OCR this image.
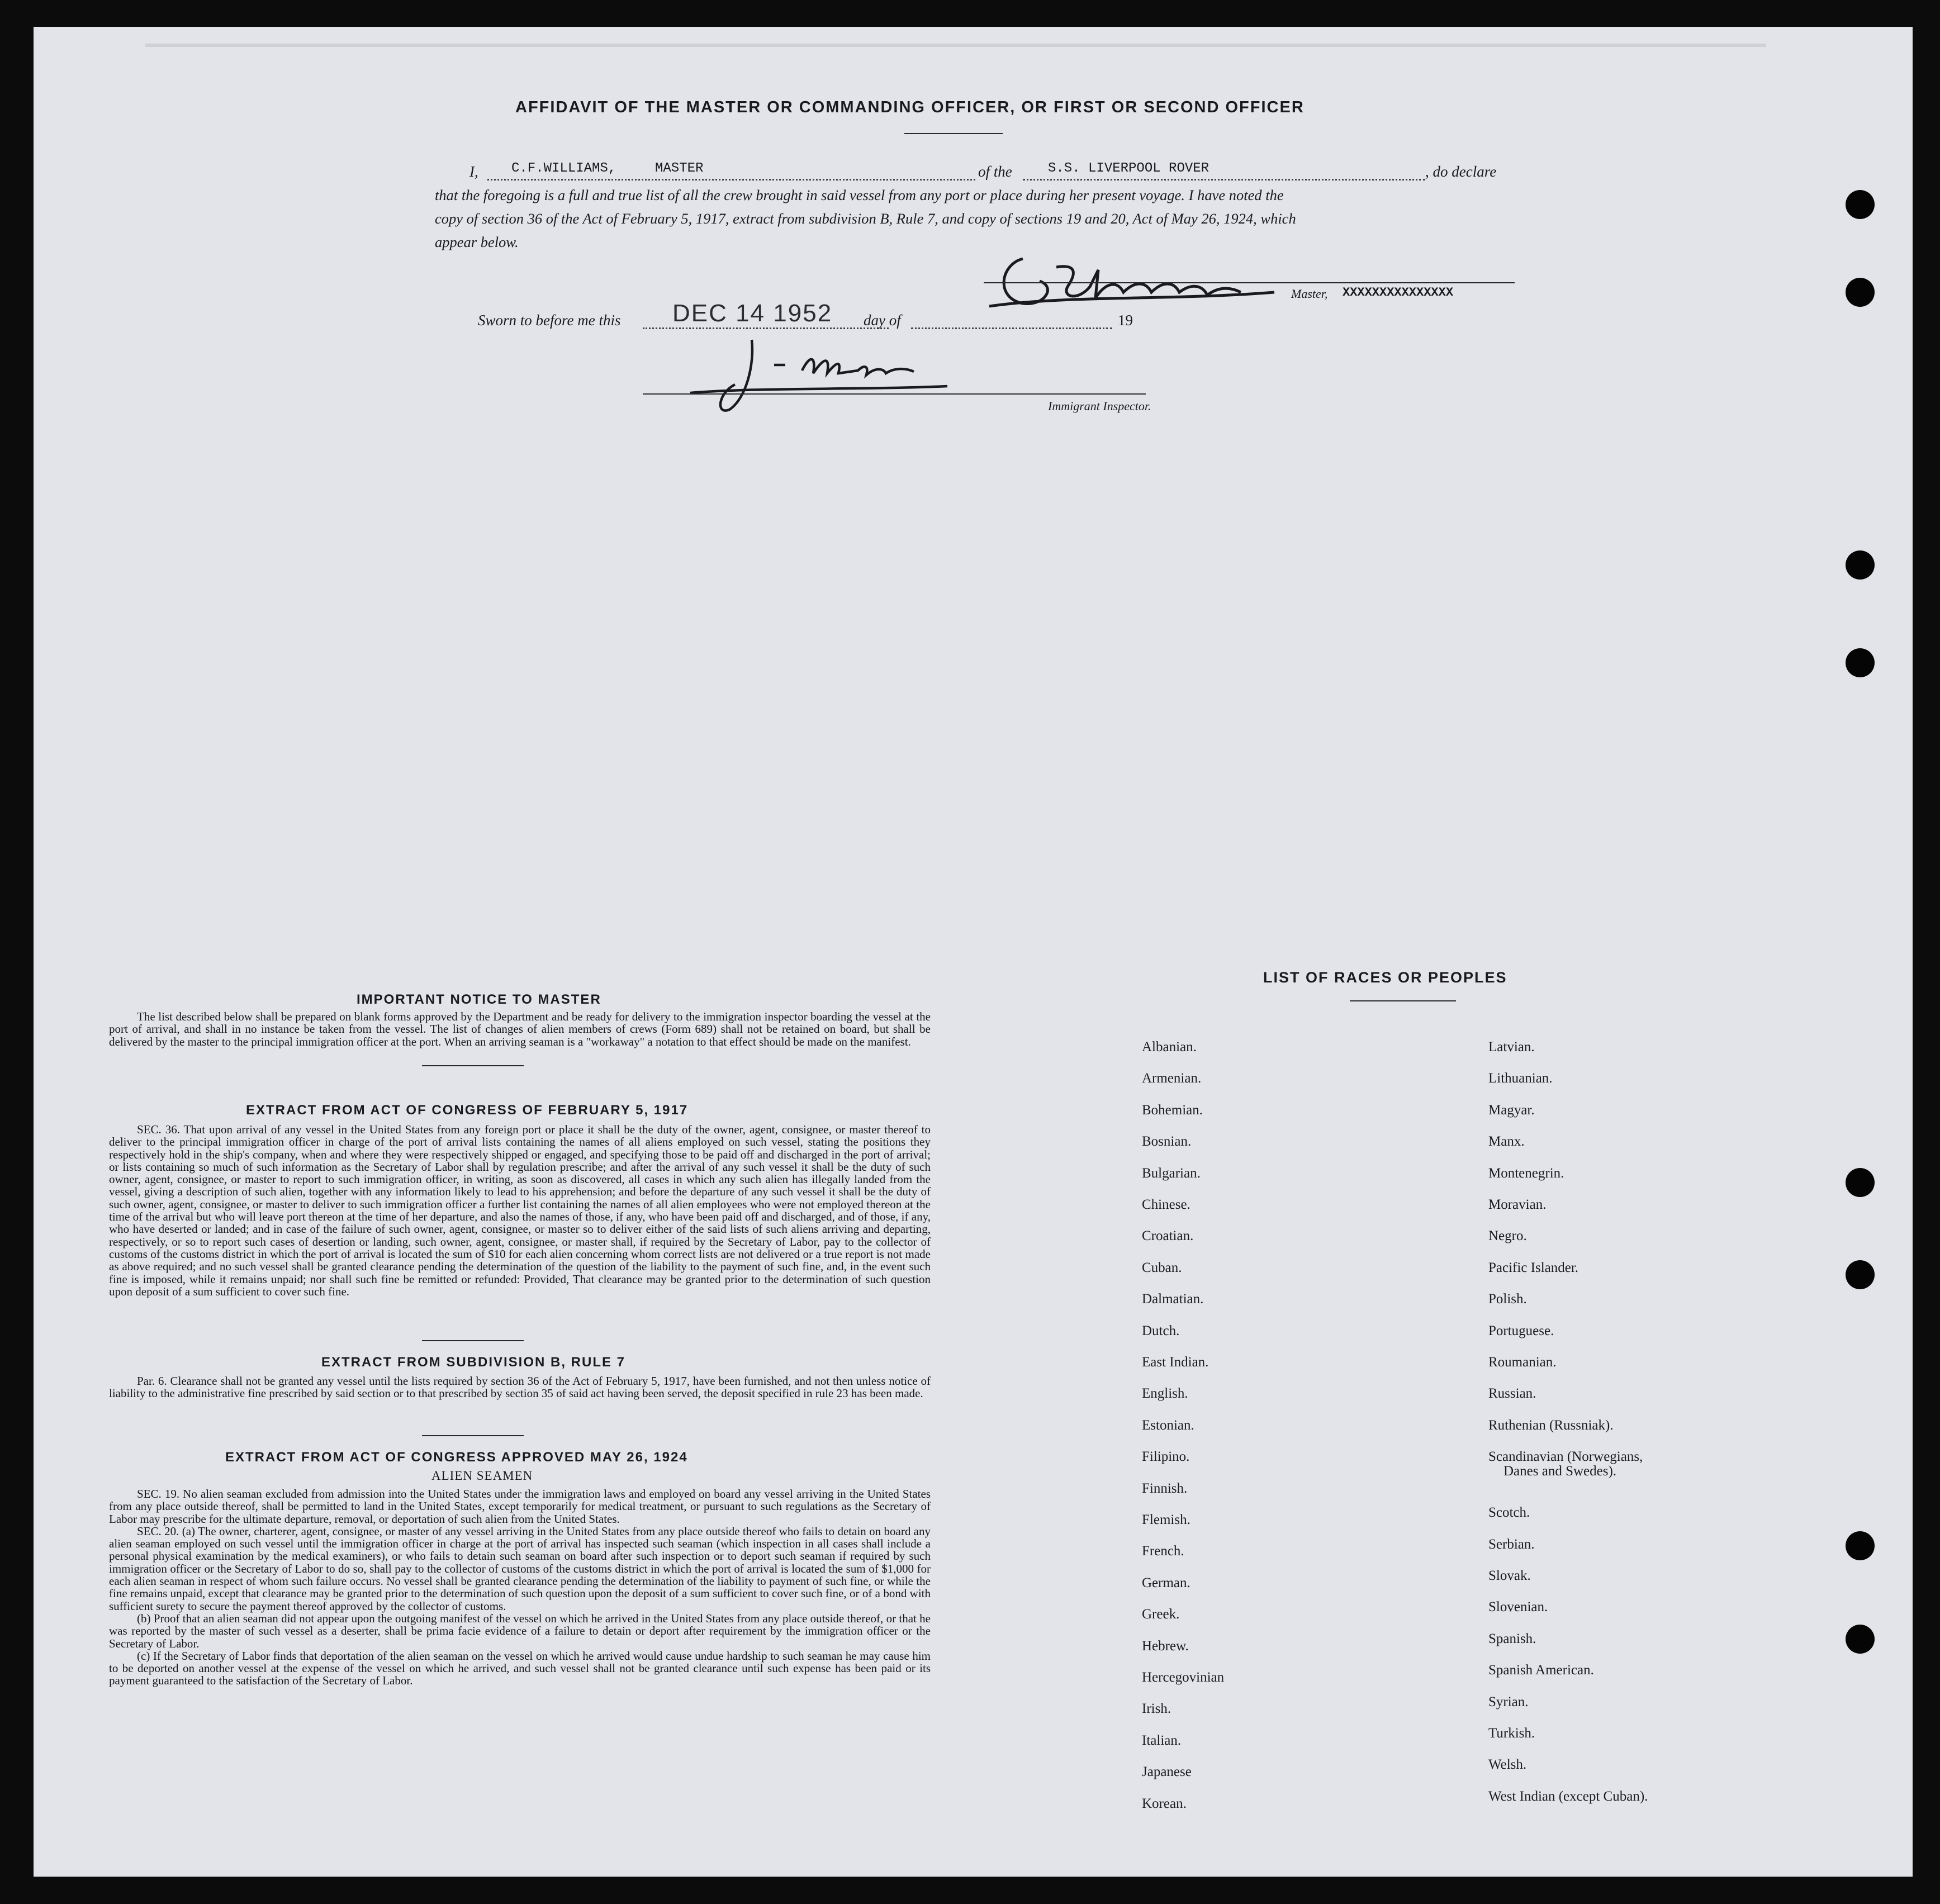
AFFIDAVIT OF THE MASTER OR COMMANDING OFFICER, OR FIRST OR SECOND OFFICER
I, C.F.WILLIAMS,	MASTER	of the	S.S. LIVERPOOL ROVER	, do declare
that the foregoing is a full and true list of all the crew brought in said vessel from any port or place during her present voyage. I have noted the
copy of section 36 of the Act of February 5, 1917, extract from subdivision B, Rule 7, and copy of sections 19 and 20, Act of May 26, 1924, which
appear below.
Master, XXXXXXXXXXXXXXX
Sworn to before me this DEC 14 1952 day of	19
Immigrant Inspector.
IMPORTANT NOTICE TO MASTER

The list described below shall be prepared on blank forms approved by the Department and be ready for delivery to the immigration inspector boarding the vessel at the port of arrival, and shall in no instance be taken from the vessel. The list of changes of alien members of crews (Form 689) shall not be retained on board, but shall be delivered by the master to the principal immigration officer at the port. When an arriving seaman is a "workaway" a notation to that effect should be made on the manifest.

EXTRACT FROM ACT OF CONGRESS OF FEBRUARY 5, 1917

SEC. 36. That upon arrival of any vessel in the United States from any foreign port or place it shall be the duty of the owner, agent, consignee, or master thereof to deliver to the principal immigration officer in charge of the port of arrival lists containing the names of all aliens employed on such vessel, stating the positions they respectively hold in the ship's company, when and where they were respectively shipped or engaged, and specifying those to be paid off and discharged in the port of arrival; or lists containing so much of such information as the Secretary of Labor shall by regulation prescribe; and after the arrival of any such vessel it shall be the duty of such owner, agent, consignee, or master to report to such immigration officer, in writing, as soon as discovered, all cases in which any such alien has illegally landed from the vessel, giving a description of such alien, together with any information likely to lead to his apprehension; and before the departure of any such vessel it shall be the duty of such owner, agent, consignee, or master to deliver to such immigration officer a further list containing the names of all alien employees who were not employed thereon at the time of the arrival but who will leave port thereon at the time of her departure, and also the names of those, if any, who have been paid off and discharged, and of those, if any, who have deserted or landed; and in case of the failure of such owner, agent, consignee, or master so to deliver either of the said lists of such aliens arriving and departing, respectively, or so to report such cases of desertion or landing, such owner, agent, consignee, or master shall, if required by the Secretary of Labor, pay to the collector of customs of the customs district in which the port of arrival is located the sum of $10 for each alien concerning whom correct lists are not delivered or a true report is not made as above required; and no such vessel shall be granted clearance pending the determination of the question of the liability to the payment of such fine, and, in the event such fine is imposed, while it remains unpaid; nor shall such fine be remitted or refunded: Provided, That clearance may be granted prior to the determination of such question upon deposit of a sum sufficient to cover such fine.

EXTRACT FROM SUBDIVISION B, RULE 7

Par. 6. Clearance shall not be granted any vessel until the lists required by section 36 of the Act of February 5, 1917, have been furnished, and not then unless notice of liability to the administrative fine prescribed by said section or to that prescribed by section 35 of said act having been served, the deposit specified in rule 23 has been made.

EXTRACT FROM ACT OF CONGRESS APPROVED MAY 26, 1924
ALIEN SEAMEN

SEC. 19. No alien seaman excluded from admission into the United States under the immigration laws and employed on board any vessel arriving in the United States from any place outside thereof, shall be permitted to land in the United States, except temporarily for medical treatment, or pursuant to such regulations as the Secretary of Labor may prescribe for the ultimate departure, removal, or deportation of such alien from the United States.

SEC. 20. (a) The owner, charterer, agent, consignee, or master of any vessel arriving in the United States from any place outside thereof who fails to detain on board any alien seaman employed on such vessel until the immigration officer in charge at the port of arrival has inspected such seaman (which inspection in all cases shall include a personal physical examination by the medical examiners), or who fails to detain such seaman on board after such inspection or to deport such seaman if required by such immigration officer or the Secretary of Labor to do so, shall pay to the collector of customs of the customs district in which the port of arrival is located the sum of $1,000 for each alien seaman in respect of whom such failure occurs. No vessel shall be granted clearance pending the determination of the liability to payment of such fine, or while the fine remains unpaid, except that clearance may be granted prior to the determination of such question upon the deposit of a sum sufficient to cover such fine, or of a bond with sufficient surety to secure the payment thereof approved by the collector of customs.

(b) Proof that an alien seaman did not appear upon the outgoing manifest of the vessel on which he arrived in the United States from any place outside thereof, or that he was reported by the master of such vessel as a deserter, shall be prima facie evidence of a failure to detain or deport after requirement by the immigration officer or the Secretary of Labor.

(c) If the Secretary of Labor finds that deportation of the alien seaman on the vessel on which he arrived would cause undue hardship to such seaman he may cause him to be deported on another vessel at the expense of the vessel on which he arrived, and such vessel shall not be granted clearance until such expense has been paid or its payment guaranteed to the satisfaction of the Secretary of Labor.

LIST OF RACES OR PEOPLES
Albanian.
Armenian.
Bohemian.
Bosnian.
Bulgarian.
Chinese.
Croatian.
Cuban.
Dalmatian.
Dutch.
East Indian.
English.
Estonian.
Filipino.
Finnish.
Flemish.
French.
German.
Greek.
Hebrew.
Hercegovinian
Irish.
Italian.
Japanese
Korean.
Latvian.
Lithuanian.
Magyar.
Manx.
Montenegrin.
Moravian.
Negro.
Pacific Islander.
Polish.
Portuguese.
Roumanian.
Russian.
Ruthenian (Russniak).
Scandinavian (Norwegians,
Danes and Swedes).
Scotch.
Serbian.
Slovak.
Slovenian.
Spanish.
Spanish American.
Syrian.
Turkish.
Welsh.
West Indian (except Cuban).
